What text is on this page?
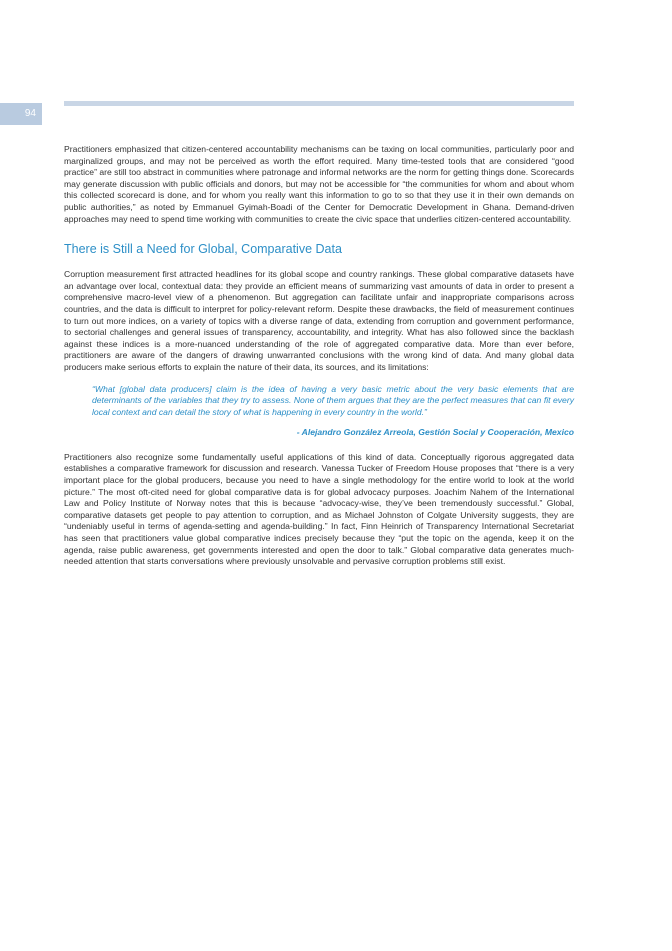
94

Practitioners emphasized that citizen-centered accountability mechanisms can be taxing on local communities, particularly poor and marginalized groups, and may not be perceived as worth the effort required. Many time-tested tools that are considered “good practice” are still too abstract in communities where patronage and informal networks are the norm for getting things done. Scorecards may generate discussion with public officials and donors, but may not be accessible for “the communities for whom and about whom this collected scorecard is done, and for whom you really want this information to go to so that they use it in their own demands on public authorities,” as noted by Emmanuel Gyimah-Boadi of the Center for Democratic Development in Ghana. Demand-driven approaches may need to spend time working with communities to create the civic space that underlies citizen-centered accountability.

There is Still a Need for Global, Comparative Data

Corruption measurement first attracted headlines for its global scope and country rankings. These global comparative datasets have an advantage over local, contextual data: they provide an efficient means of summarizing vast amounts of data in order to present a comprehensive macro-level view of a phenomenon. But aggregation can facilitate unfair and inappropriate comparisons across countries, and the data is difficult to interpret for policy-relevant reform. Despite these drawbacks, the field of measurement continues to turn out more indices, on a variety of topics with a diverse range of data, extending from corruption and government performance, to sectorial challenges and general issues of transparency, accountability, and integrity. What has also followed since the backlash against these indices is a more-nuanced understanding of the role of aggregated comparative data. More than ever before, practitioners are aware of the dangers of drawing unwarranted conclusions with the wrong kind of data. And many global data producers make serious efforts to explain the nature of their data, its sources, and its limitations:

“What [global data producers] claim is the idea of having a very basic metric about the very basic elements that are determinants of the variables that they try to assess. None of them argues that they are the perfect measures that can fit every local context and can detail the story of what is happening in every country in the world.”

- Alejandro González Arreola, Gestión Social y Cooperación, Mexico

Practitioners also recognize some fundamentally useful applications of this kind of data. Conceptually rigorous aggregated data establishes a comparative framework for discussion and research. Vanessa Tucker of Freedom House proposes that “there is a very important place for the global producers, because you need to have a single methodology for the entire world to look at the world picture.” The most oft-cited need for global comparative data is for global advocacy purposes. Joachim Nahem of the International Law and Policy Institute of Norway notes that this is because “advocacy-wise, they’ve been tremendously successful.” Global, comparative datasets get people to pay attention to corruption, and as Michael Johnston of Colgate University suggests, they are “undeniably useful in terms of agenda-setting and agenda-building.” In fact, Finn Heinrich of Transparency International Secretariat has seen that practitioners value global comparative indices precisely because they “put the topic on the agenda, keep it on the agenda, raise public awareness, get governments interested and open the door to talk.” Global comparative data generates much-needed attention that starts conversations where previously unsolvable and pervasive corruption problems still exist.
